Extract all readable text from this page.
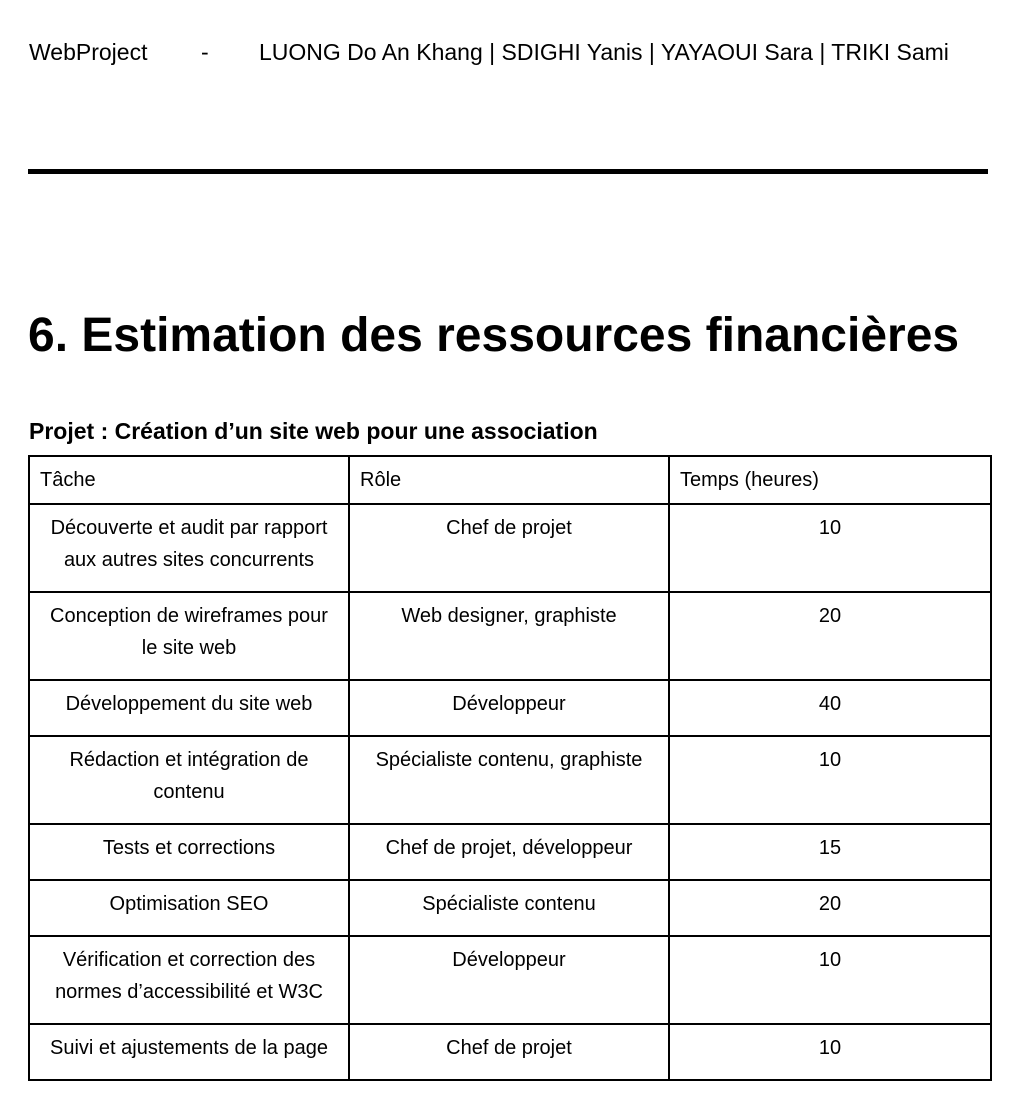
WebProject - LUONG Do An Khang | SDIGHI Yanis | YAYAOUI Sara | TRIKI Sami
6. Estimation des ressources financières
Projet : Création d’un site web pour une association
Tâche	Rôle	Temps (heures)
Découverte et audit par rapport aux autres sites concurrents	Chef de projet	10
Conception de wireframes pour le site web	Web designer, graphiste	20
Développement du site web	Développeur	40
Rédaction et intégration de contenu	Spécialiste contenu, graphiste	10
Tests et corrections	Chef de projet, développeur	15
Optimisation SEO	Spécialiste contenu	20
Vérification et correction des normes d’accessibilité et W3C	Développeur	10
Suivi et ajustements de la page	Chef de projet	10
